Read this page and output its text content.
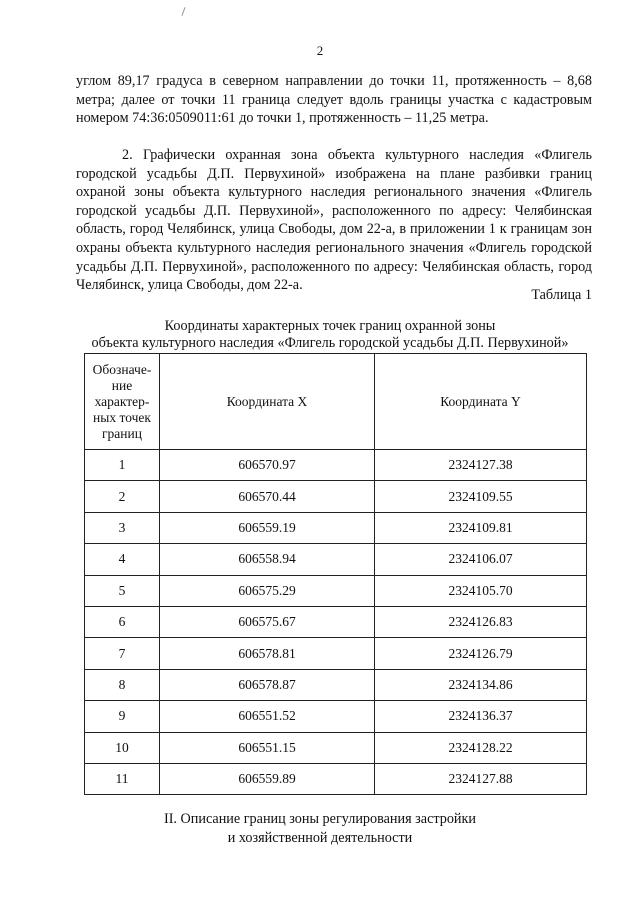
2

углом 89,17 градуса в северном направлении до точки 11, протяженность – 8,68 метра; далее от точки 11 граница следует вдоль границы участка с кадастровым номером 74:36:0509011:61 до точки 1, протяженность – 11,25 метра.

2. Графически охранная зона объекта культурного наследия «Флигель городской усадьбы Д.П. Первухиной» изображена на плане разбивки границ охраной зоны объекта культурного наследия регионального значения «Флигель городской усадьбы Д.П. Первухиной», расположенного по адресу: Челябинская область, город Челябинск, улица Свободы, дом 22-а, в приложении 1 к границам зон охраны объекта культурного наследия регионального значения «Флигель городской усадьбы Д.П. Первухиной», расположенного по адресу: Челябинская область, город Челябинск, улица Свободы, дом 22-а.

Таблица 1
Координаты характерных точек границ охранной зоны
объекта культурного наследия «Флигель городской усадьбы Д.П. Первухиной»
Обозначе-ние характер-ных точек границ	Координата X	Координата Y
1	606570.97	2324127.38
2	606570.44	2324109.55
3	606559.19	2324109.81
4	606558.94	2324106.07
5	606575.29	2324105.70
6	606575.67	2324126.83
7	606578.81	2324126.79
8	606578.87	2324134.86
9	606551.52	2324136.37
10	606551.15	2324128.22
11	606559.89	2324127.88
II. Описание границ зоны регулирования застройки
и хозяйственной деятельности
